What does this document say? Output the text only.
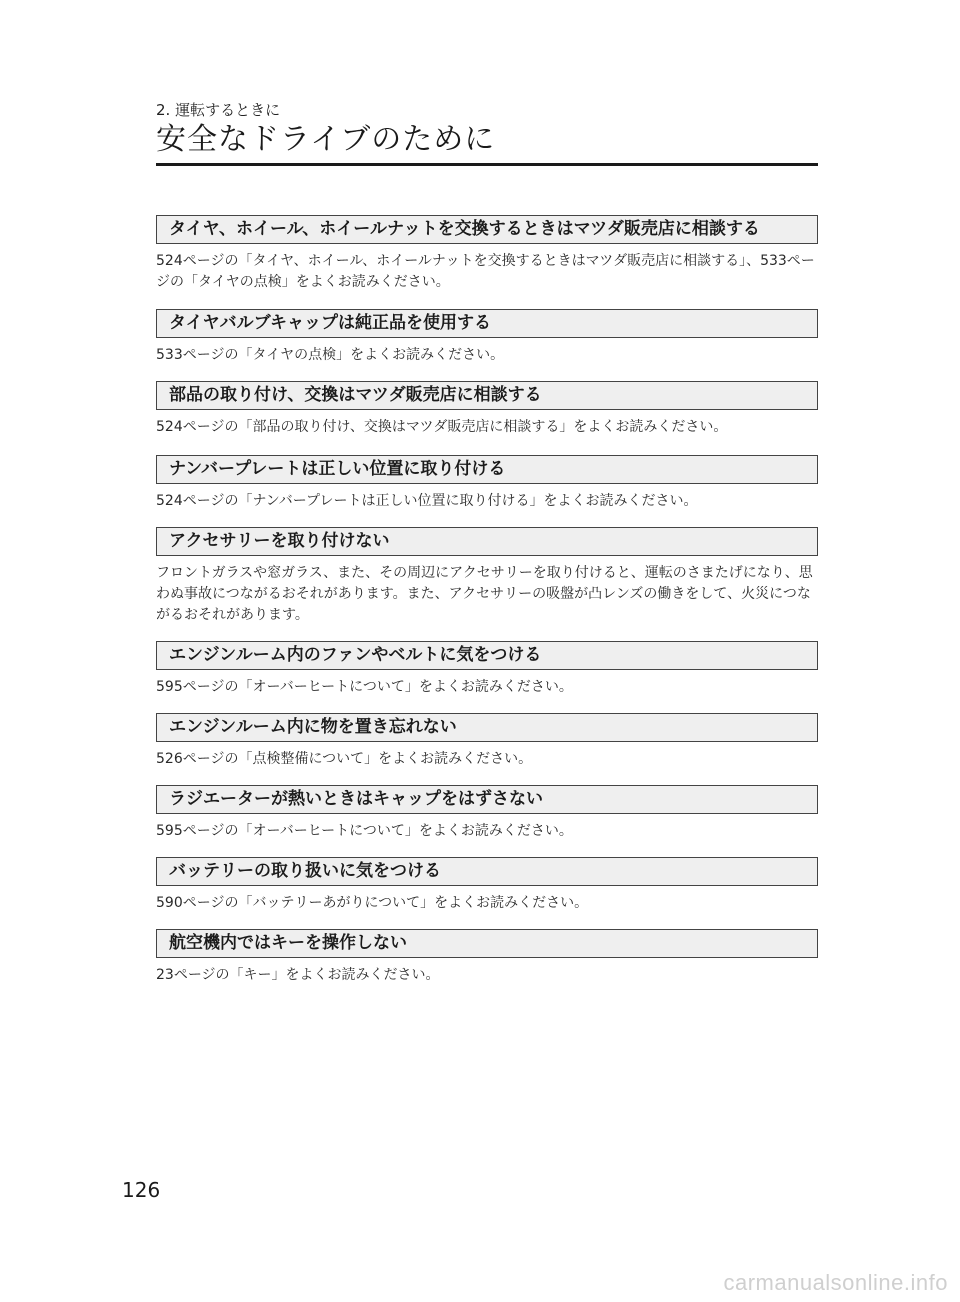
2. 運転するときに
安全なドライブのために
タイヤ、ホイール、ホイールナットを交換するときはマツダ販売店に相談する

524ページの「タイヤ、ホイール、ホイールナットを交換するときはマツダ販売店に相談する」、533ページの「タイヤの点検」をよくお読みください。

タイヤバルブキャップは純正品を使用する

533ページの「タイヤの点検」をよくお読みください。

部品の取り付け、交換はマツダ販売店に相談する

524ページの「部品の取り付け、交換はマツダ販売店に相談する」をよくお読みください。

ナンバープレートは正しい位置に取り付ける

524ページの「ナンバープレートは正しい位置に取り付ける」をよくお読みください。

アクセサリーを取り付けない

フロントガラスや窓ガラス、また、その周辺にアクセサリーを取り付けると、運転のさまたげになり、思わぬ事故につながるおそれがあります。また、アクセサリーの吸盤が凸レンズの働きをして、火災につながるおそれがあります。

エンジンルーム内のファンやベルトに気をつける

595ページの「オーバーヒートについて」をよくお読みください。

エンジンルーム内に物を置き忘れない

526ページの「点検整備について」をよくお読みください。

ラジエーターが熱いときはキャップをはずさない

595ページの「オーバーヒートについて」をよくお読みください。

バッテリーの取り扱いに気をつける

590ページの「バッテリーあがりについて」をよくお読みください。

航空機内ではキーを操作しない

23ページの「キー」をよくお読みください。

126
carmanualsonline.info
